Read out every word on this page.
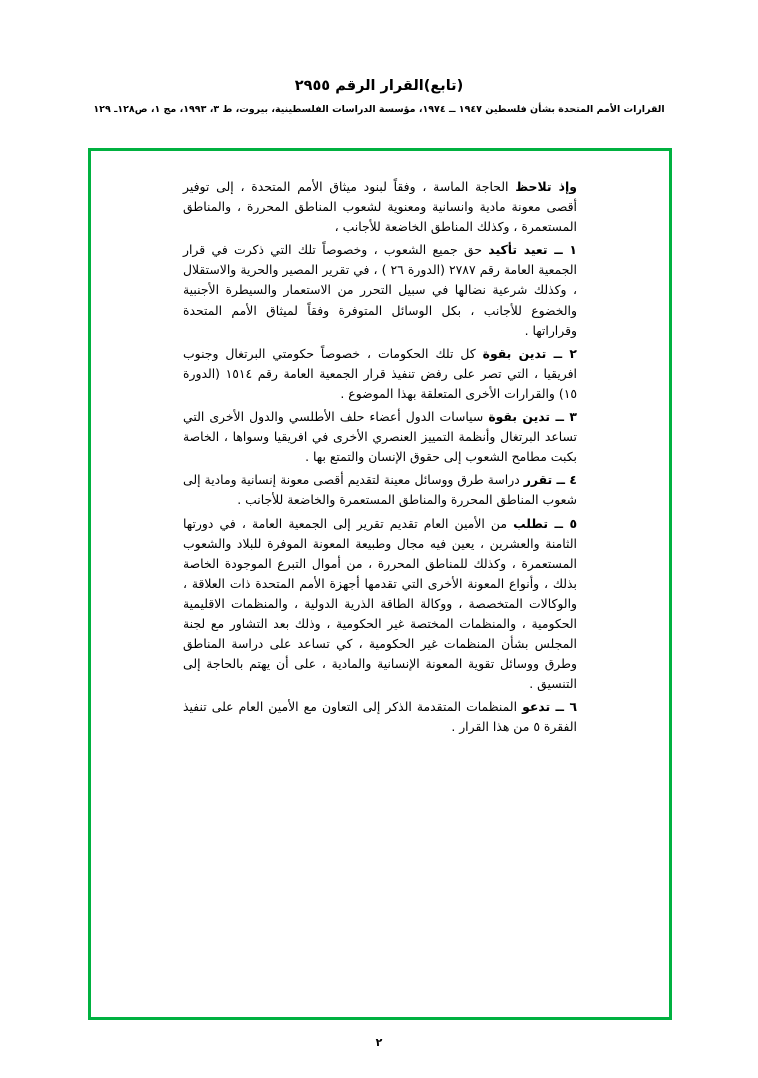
(تابع)القرار الرقم ٢٩٥٥
القرارات الأمم المتحدة بشأن فلسطين ١٩٤٧ ــ ١٩٧٤، مؤسسة الدراسات الفلسطينية، بيروت، ط ٣، ١٩٩٣، مج ١، ص١٢٨ـ ١٢٩

وإذ تلاحظ الحاجة الماسة ، وفقاً لبنود ميثاق الأمم المتحدة ، إلى توفير أقصى معونة مادية وانسانية ومعنوية لشعوب المناطق المحررة ، والمناطق المستعمرة ، وكذلك المناطق الخاضعة للأجانب ،

١ ــ تعيد تأكيد حق جميع الشعوب ، وخصوصاً تلك التي ذكرت في قرار الجمعية العامة رقم ٢٧٨٧ (الدورة ٢٦ ) ، في تقرير المصير والحرية والاستقلال ، وكذلك شرعية نضالها في سبيل التحرر من الاستعمار والسيطرة الأجنبية والخضوع للأجانب ، بكل الوسائل المتوفرة وفقاً لميثاق الأمم المتحدة وقراراتها .

٢ ــ تدين بقوة كل تلك الحكومات ، خصوصاً حكومتي البرتغال وجنوب افريقيا ، التي تصر على رفض تنفيذ قرار الجمعية العامة رقم ١٥١٤ (الدورة ١٥) والقرارات الأخرى المتعلقة بهذا الموضوع .

٣ ــ تدين بقوة سياسات الدول أعضاء حلف الأطلسي والدول الأخرى التي تساعد البرتغال وأنظمة التمييز العنصري الأخرى في افريقيا وسواها ، الخاصة بكبت مطامح الشعوب إلى حقوق الإنسان والتمتع بها .

٤ ــ تقرر دراسة طرق ووسائل معينة لتقديم أقصى معونة إنسانية ومادية إلى شعوب المناطق المحررة والمناطق المستعمرة والخاضعة للأجانب .

٥ ــ تطلب من الأمين العام تقديم تقرير إلى الجمعية العامة ، في دورتها الثامنة والعشرين ، يعين فيه مجال وطبيعة المعونة الموفرة للبلاد والشعوب المستعمرة ، وكذلك للمناطق المحررة ، من أموال التبرع الموجودة الخاصة بذلك ، وأنواع المعونة الأخرى التي تقدمها أجهزة الأمم المتحدة ذات العلاقة ، والوكالات المتخصصة ، ووكالة الطاقة الذرية الدولية ، والمنظمات الاقليمية الحكومية ، والمنظمات المختصة غير الحكومية ، وذلك بعد التشاور مع لجنة المجلس بشأن المنظمات غير الحكومية ، كي تساعد على دراسة المناطق وطرق ووسائل تقوية المعونة الإنسانية والمادية ، على أن يهتم بالحاجة إلى التنسيق .

٦ ــ تدعو المنظمات المتقدمة الذكر إلى التعاون مع الأمين العام على تنفيذ الفقرة ٥ من هذا القرار .

٢
